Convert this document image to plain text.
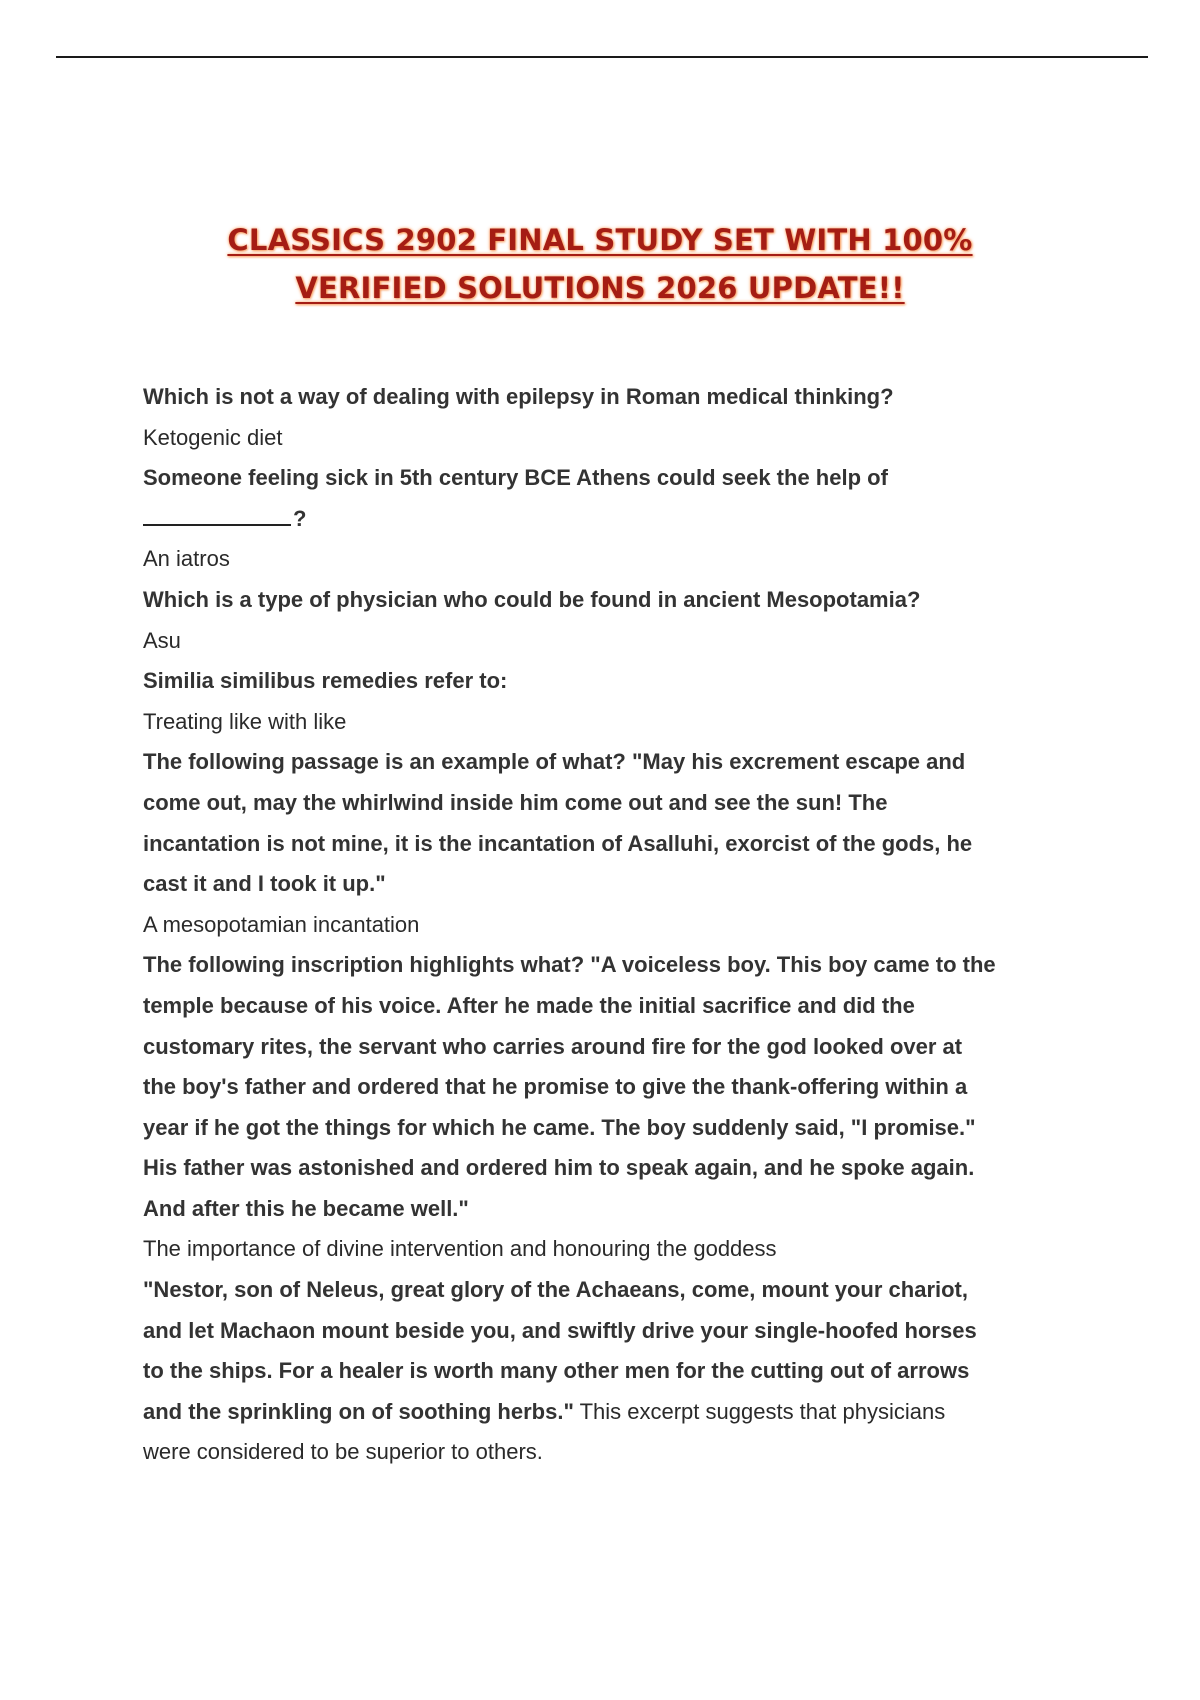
CLASSICS 2902 FINAL STUDY SET WITH 100%
VERIFIED SOLUTIONS 2026 UPDATE!!

Which is not a way of dealing with epilepsy in Roman medical thinking?

Ketogenic diet

Someone feeling sick in 5th century BCE Athens could seek the help of

?

An iatros

Which is a type of physician who could be found in ancient Mesopotamia?

Asu

Similia similibus remedies refer to:

Treating like with like

The following passage is an example of what? "May his excrement escape and

come out, may the whirlwind inside him come out and see the sun! The

incantation is not mine, it is the incantation of Asalluhi, exorcist of the gods, he

cast it and I took it up."

A mesopotamian incantation

The following inscription highlights what? "A voiceless boy. This boy came to the

temple because of his voice. After he made the initial sacrifice and did the

customary rites, the servant who carries around fire for the god looked over at

the boy's father and ordered that he promise to give the thank-offering within a

year if he got the things for which he came. The boy suddenly said, "I promise."

His father was astonished and ordered him to speak again, and he spoke again.

And after this he became well."

The importance of divine intervention and honouring the goddess

"Nestor, son of Neleus, great glory of the Achaeans, come, mount your chariot,

and let Machaon mount beside you, and swiftly drive your single-hoofed horses

to the ships. For a healer is worth many other men for the cutting out of arrows

and the sprinkling on of soothing herbs." This excerpt suggests that physicians

were considered to be superior to others.
